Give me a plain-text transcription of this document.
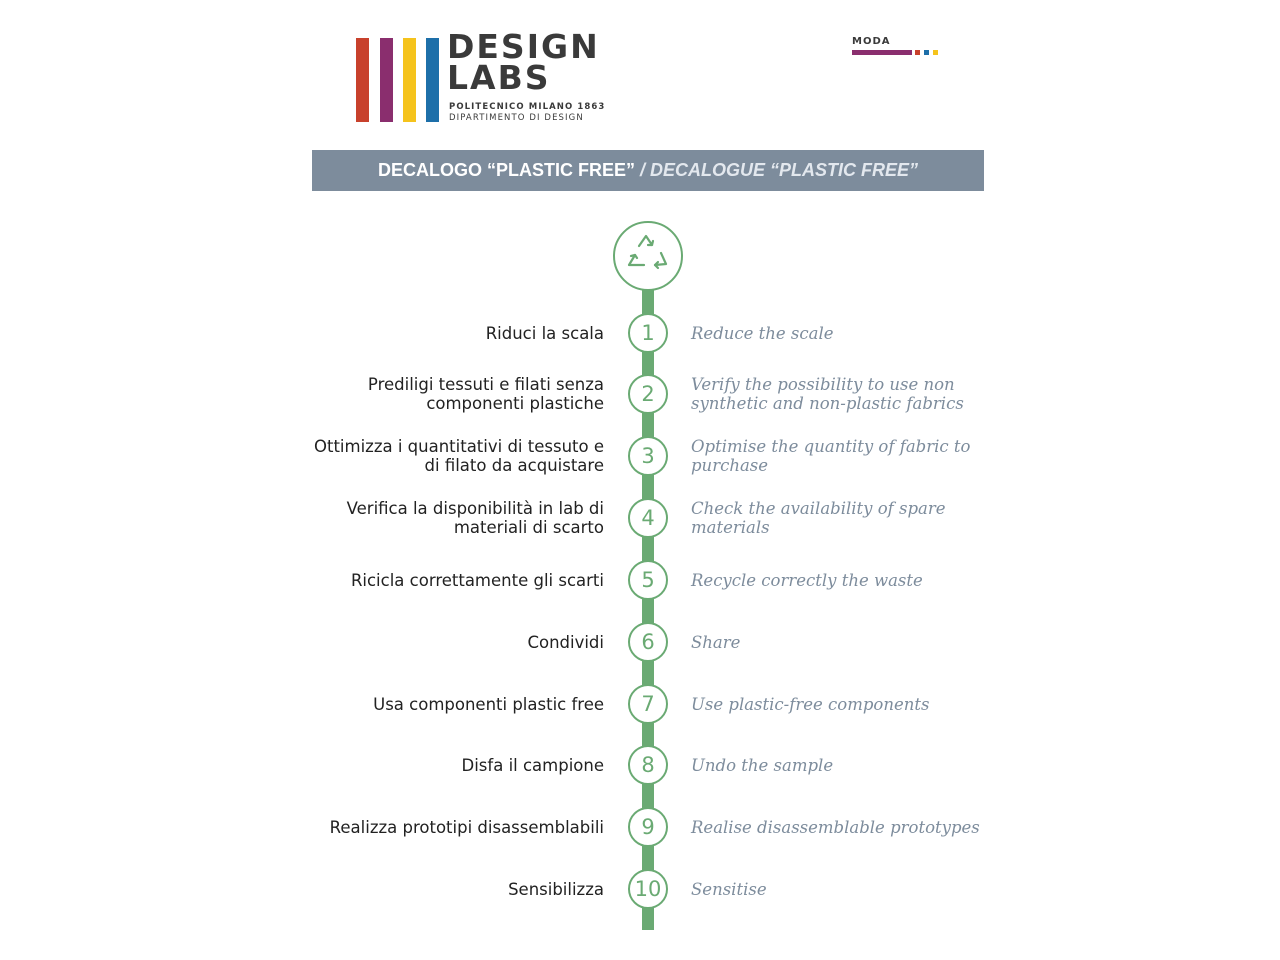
DESIGN
LABS
POLITECNICO MILANO 1863
DIPARTIMENTO DI DESIGN
MODA
DECALOGO “PLASTIC FREE” / DECALOGUE “PLASTIC FREE”
Riduci la scala	1	Reduce the scale
Prediligi tessuti e filati senza componenti plastiche	2	Verify the possibility to use non synthetic and non-plastic fabrics
Ottimizza i quantitativi di tessuto e di filato da acquistare	3	Optimise the quantity of fabric to purchase
Verifica la disponibilità in lab di materiali di scarto	4	Check the availability of spare materials
Ricicla correttamente gli scarti	5	Recycle correctly the waste
Condividi	6	Share
Usa componenti plastic free	7	Use plastic-free components
Disfa il campione	8	Undo the sample
Realizza prototipi disassemblabili	9	Realise disassemblable prototypes
Sensibilizza	10	Sensitise
